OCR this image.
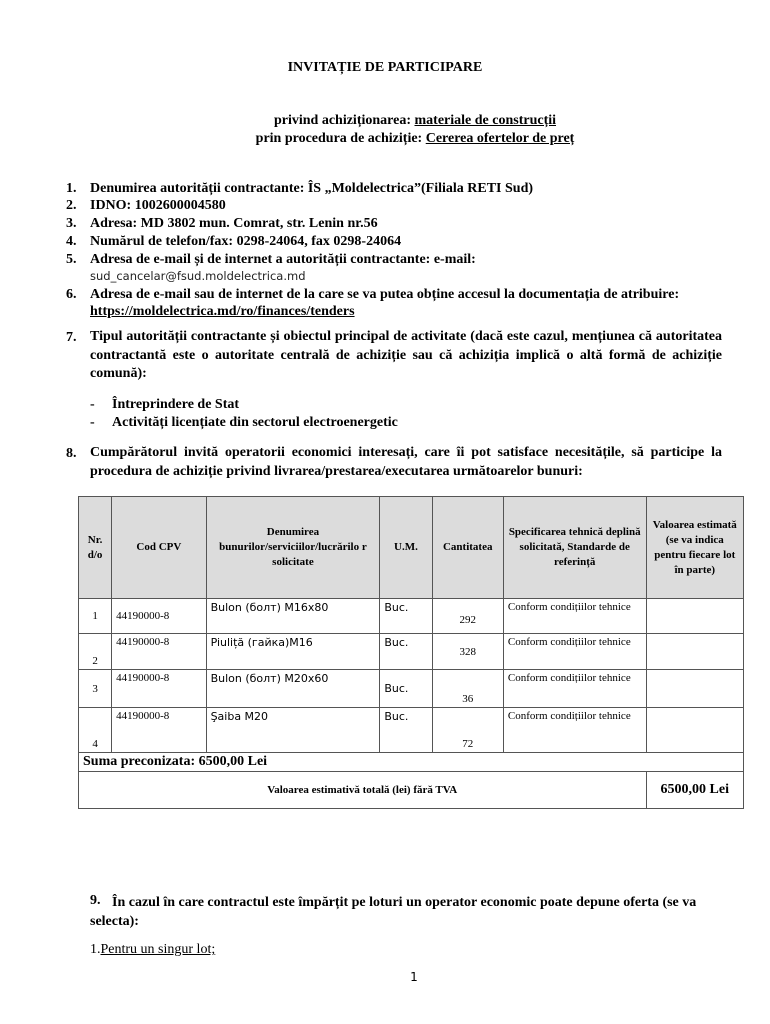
INVITAȚIE DE PARTICIPARE
privind achiziționarea: materiale de construcții
prin procedura de achiziție: Cererea ofertelor de preț
1. Denumirea autorității contractante: ÎS „Moldelectrica”(Filiala RETI Sud)
2. IDNO: 1002600004580
3. Adresa: MD 3802 mun. Comrat, str. Lenin nr.56
4. Numărul de telefon/fax: 0298-24064, fax 0298-24064
5. Adresa de e-mail și de internet a autorității contractante: e-mail:
sud_cancelar@fsud.moldelectrica.md
6. Adresa de e-mail sau de internet de la care se va putea obține accesul la documentația de atribuire:
https://moldelectrica.md/ro/finances/tenders
7. Tipul autorității contractante și obiectul principal de activitate (dacă este cazul, mențiunea că autoritatea contractantă este o autoritate centrală de achiziție sau că achiziția implică o altă formă de achiziție comună):
- Întreprindere de Stat
- Activități licențiate din sectorul electroenergetic
8. Cumpărătorul invită operatorii economici interesați, care îi pot satisface necesitățile, să participe la procedura de achiziție privind livrarea/prestarea/executarea următoarelor bunuri:
Nr. d/o	Cod CPV	Denumirea bunurilor/serviciilor/lucrărilo r solicitate	U.M.	Cantitatea	Specificarea tehnică deplină solicitată, Standarde de referință	Valoarea estimată (se va indica pentru fiecare lot în parte)
1	44190000-8	Bulon (болт) M16x80	Buc.	292	Conform condițiilor tehnice	
2	44190000-8	Piuliță (гайка)M16	Buc.	328	Conform condițiilor tehnice	
3	44190000-8	Bulon (болт) M20x60	Buc.	36	Conform condițiilor tehnice	
4	44190000-8	Şaiba M20	Buc.	72	Conform condițiilor tehnice	
Suma preconizata: 6500,00 Lei						
Valoarea estimativă totală (lei) fără TVA						6500,00 Lei
9. În cazul în care contractul este împărțit pe loturi un operator economic poate depune oferta (se va selecta):
1.Pentru un singur lot;
1
